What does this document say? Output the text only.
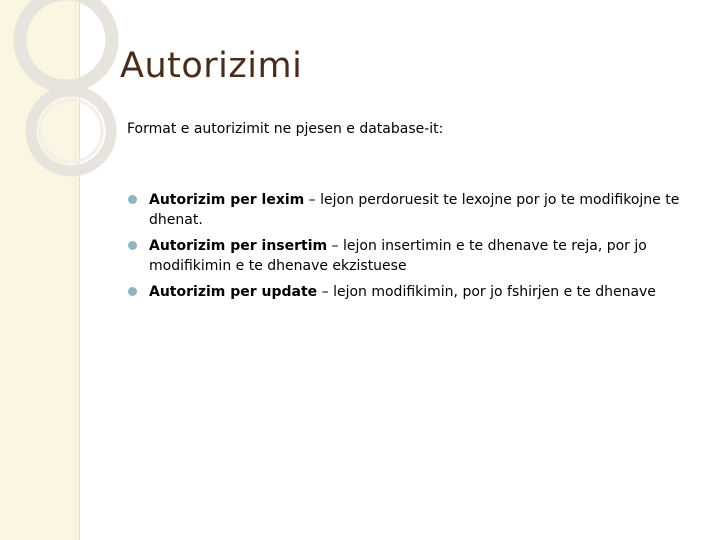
Autorizimi

Format e autorizimit ne pjesen e database-it:

Autorizim per lexim – lejon perdoruesit te lexojne por jo te modifikojne te dhenat.
Autorizim per insertim – lejon insertimin e te dhenave te reja, por jo modifikimin e te dhenave ekzistuese
Autorizim per update – lejon modifikimin, por jo fshirjen e te dhenave
